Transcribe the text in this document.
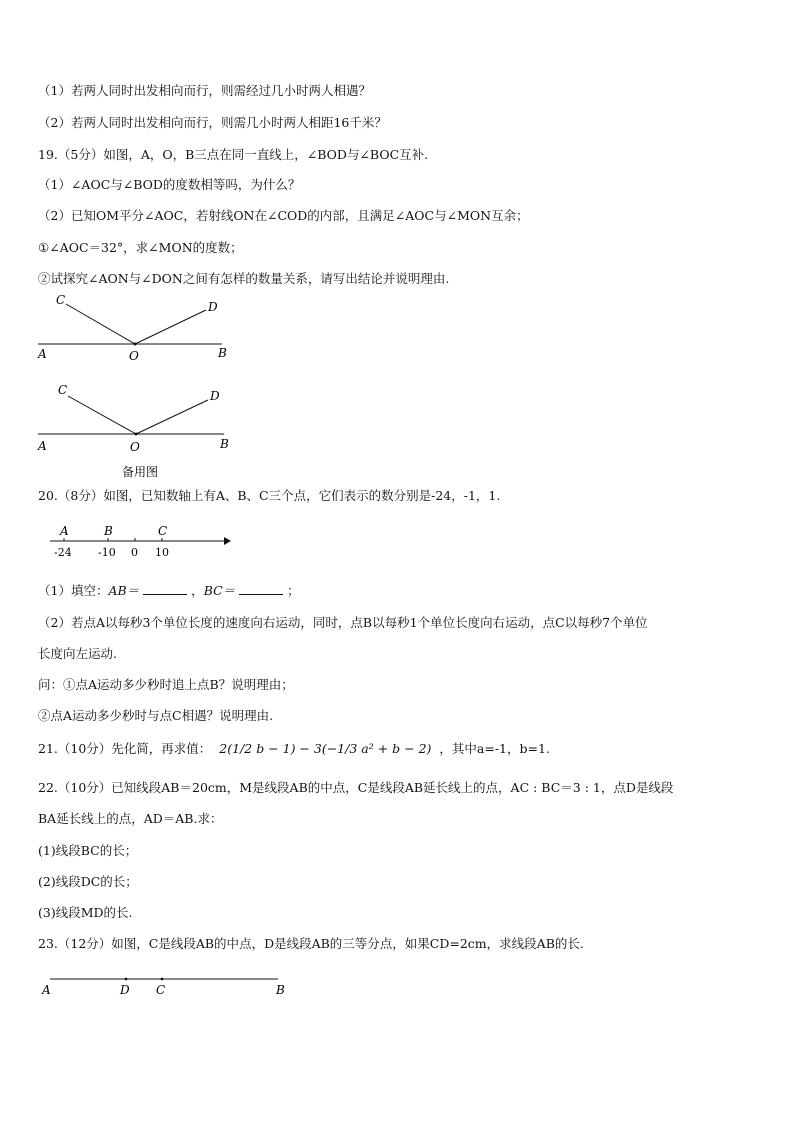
（1）若两人同时出发相向而行，则需经过几小时两人相遇？
（2）若两人同时出发相向而行，则需几小时两人相距16千米？
19.（5分）如图，A，O，B三点在同一直线上，∠BOD与∠BOC互补.
（1）∠AOC与∠BOD的度数相等吗，为什么？
（2）已知OM平分∠AOC，若射线ON在∠COD的内部，且满足∠AOC与∠MON互余；
①∠AOC＝32°，求∠MON的度数；
②试探究∠AON与∠DON之间有怎样的数量关系，请写出结论并说明理由.
C	D
A	O	B
C	D
A	O	B
备用图
20.（8分）如图，已知数轴上有A、B、C三个点，它们表示的数分别是-24，-1，1.
A	B	C
-24 -10 0 10
（1）填空：AB＝	，BC＝	；
（2）若点A以每秒3个单位长度的速度向右运动，同时，点B以每秒1个单位长度向右运动，点C以每秒7个单位
长度向左运动.
问：①点A运动多少秒时追上点B？说明理由；
②点A运动多少秒时与点C相遇？说明理由.
21.（10分）先化简，再求值： 2(1/2 b − 1) − 3(−1/3 a² + b − 2) ，其中a=-1，b=1.
22.（10分）已知线段AB＝20cm，M是线段AB的中点，C是线段AB延长线上的点，AC : BC＝3 : 1，点D是线段
BA延长线上的点，AD＝AB.求：
(1)线段BC的长；
(2)线段DC的长；
(3)线段MD的长.
23.（12分）如图，C是线段AB的中点，D是线段AB的三等分点，如果CD=2cm，求线段AB的长.
A	D C	B
